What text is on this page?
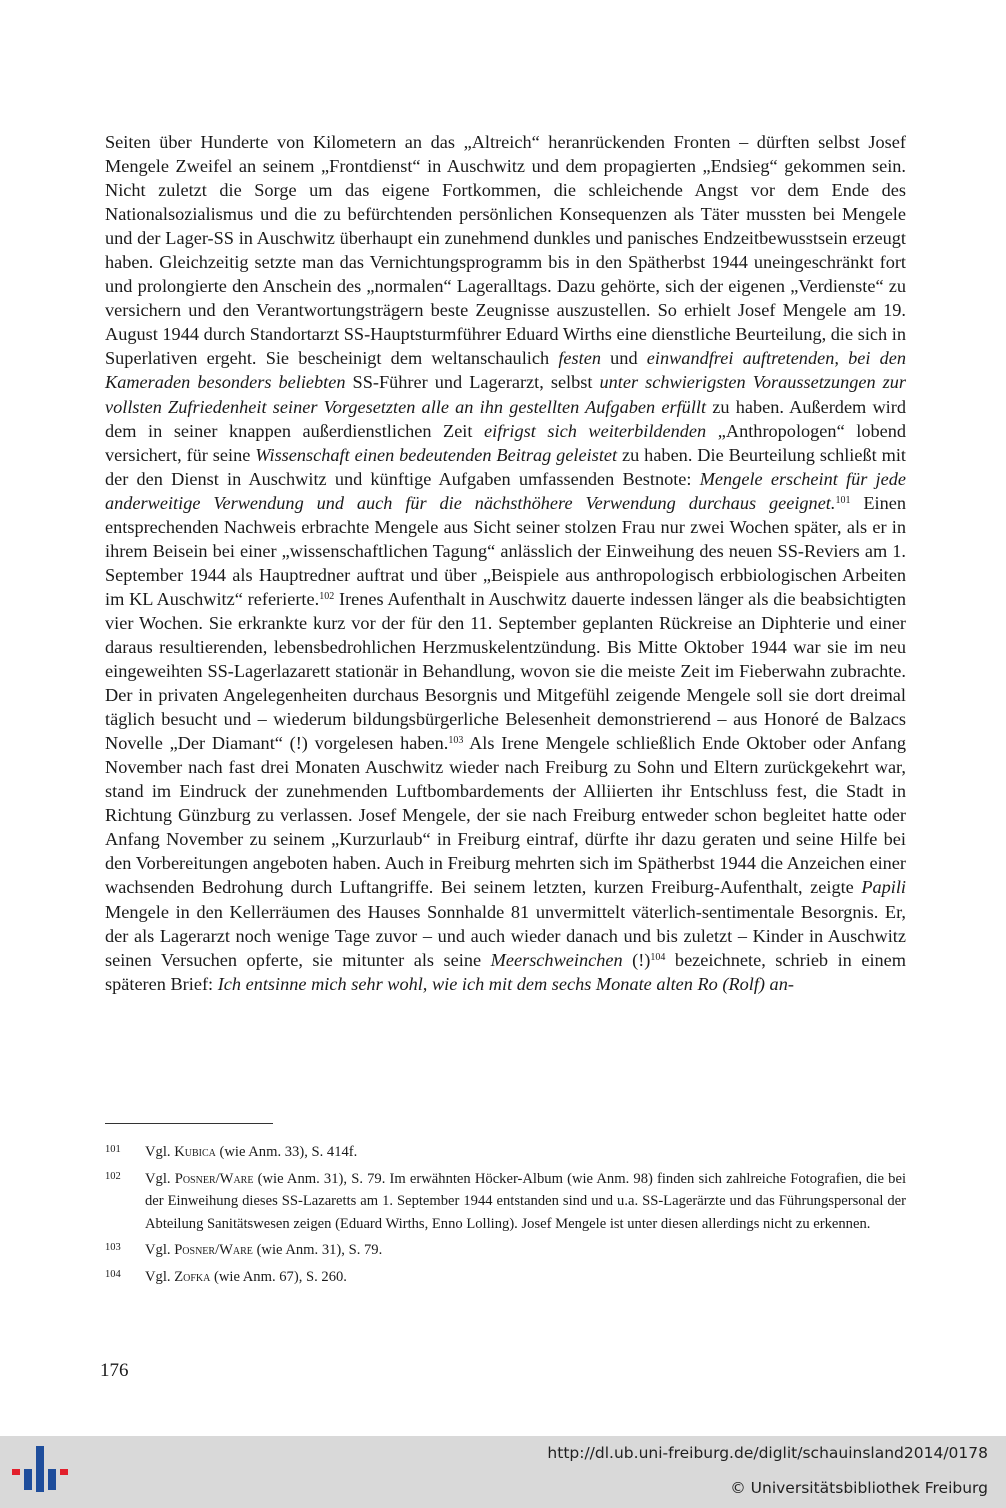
Seiten über Hunderte von Kilometern an das „Altreich“ heranrückenden Fronten – dürften selbst Josef Mengele Zweifel an seinem „Frontdienst“ in Auschwitz und dem propagierten „Endsieg“ gekommen sein. Nicht zuletzt die Sorge um das eigene Fortkommen, die schleichende Angst vor dem Ende des Nationalsozialismus und die zu befürchtenden persönlichen Konsequenzen als Täter mussten bei Mengele und der Lager-SS in Auschwitz überhaupt ein zunehmend dunkles und panisches Endzeitbewusstsein erzeugt haben. Gleichzeitig setzte man das Vernichtungsprogramm bis in den Spätherbst 1944 uneingeschränkt fort und prolongierte den Anschein des „normalen“ Lageralltags. Dazu gehörte, sich der eigenen „Verdienste“ zu versichern und den Verantwortungsträgern beste Zeugnisse auszustellen. So erhielt Josef Mengele am 19. August 1944 durch Standortarzt SS-Hauptsturmführer Eduard Wirths eine dienstliche Beurteilung, die sich in Superlativen ergeht. Sie bescheinigt dem weltanschaulich festen und einwandfrei auftretenden, bei den Kameraden besonders beliebten SS-Führer und Lagerarzt, selbst unter schwierigsten Voraussetzungen zur vollsten Zufriedenheit seiner Vorgesetzten alle an ihn gestellten Aufgaben erfüllt zu haben. Außerdem wird dem in seiner knappen außerdienstlichen Zeit eifrigst sich weiterbildenden „Anthropologen“ lobend versichert, für seine Wissenschaft einen bedeutenden Beitrag geleistet zu haben. Die Beurteilung schließt mit der den Dienst in Auschwitz und künftige Aufgaben umfassenden Bestnote: Mengele erscheint für jede anderweitige Verwendung und auch für die nächsthöhere Verwendung durchaus geeignet.$^{101}$ Einen entsprechenden Nachweis erbrachte Mengele aus Sicht seiner stolzen Frau nur zwei Wochen später, als er in ihrem Beisein bei einer „wissenschaftlichen Tagung“ anlässlich der Einweihung des neuen SS-Reviers am 1. September 1944 als Hauptredner auftrat und über „Beispiele aus anthropologisch erbbiologischen Arbeiten im KL Auschwitz“ referierte.$^{102}$ Irenes Aufenthalt in Auschwitz dauerte indessen länger als die beabsichtigten vier Wochen. Sie erkrankte kurz vor der für den 11. September geplanten Rückreise an Diphterie und einer daraus resultierenden, lebensbedrohlichen Herzmuskelentzündung. Bis Mitte Oktober 1944 war sie im neu eingeweihten SS-Lagerlazarett stationär in Behandlung, wovon sie die meiste Zeit im Fieberwahn zubrachte. Der in privaten Angelegenheiten durchaus Besorgnis und Mitgefühl zeigende Mengele soll sie dort dreimal täglich besucht und – wiederum bildungsbürgerliche Belesenheit demonstrierend – aus Honoré de Balzacs Novelle „Der Diamant“ (!) vorgelesen haben.$^{103}$ Als Irene Mengele schließlich Ende Oktober oder Anfang November nach fast drei Monaten Auschwitz wieder nach Freiburg zu Sohn und Eltern zurückgekehrt war, stand im Eindruck der zunehmenden Luftbombardements der Alliierten ihr Entschluss fest, die Stadt in Richtung Günzburg zu verlassen. Josef Mengele, der sie nach Freiburg entweder schon begleitet hatte oder Anfang November zu seinem „Kurzurlaub“ in Freiburg eintraf, dürfte ihr dazu geraten und seine Hilfe bei den Vorbereitungen angeboten haben. Auch in Freiburg mehrten sich im Spätherbst 1944 die Anzeichen einer wachsenden Bedrohung durch Luftangriffe. Bei seinem letzten, kurzen Freiburg-Aufenthalt, zeigte Papili Mengele in den Kellerräumen des Hauses Sonnhalde 81 unvermittelt väterlich-sentimentale Besorgnis. Er, der als Lagerarzt noch wenige Tage zuvor – und auch wieder danach und bis zuletzt – Kinder in Auschwitz seinen Versuchen opferte, sie mitunter als seine Meerschweinchen (!)$^{104}$ bezeichnete, schrieb in einem späteren Brief: Ich entsinne mich sehr wohl, wie ich mit dem sechs Monate alten Ro (Rolf) an-

101	Vgl. Kubica (wie Anm. 33), S. 414f.
102	Vgl. Posner/Ware (wie Anm. 31), S. 79. Im erwähnten Höcker-Album (wie Anm. 98) finden sich zahlreiche Fotografien, die bei der Einweihung dieses SS-Lazaretts am 1. September 1944 entstanden sind und u.a. SS-Lagerärzte und das Führungspersonal der Abteilung Sanitätswesen zeigen (Eduard Wirths, Enno Lolling). Josef Mengele ist unter diesen allerdings nicht zu erkennen.
103	Vgl. Posner/Ware (wie Anm. 31), S. 79.
104	Vgl. Zofka (wie Anm. 67), S. 260.
176
http://dl.ub.uni-freiburg.de/diglit/schauinsland2014/0178
© Universitätsbibliothek Freiburg
